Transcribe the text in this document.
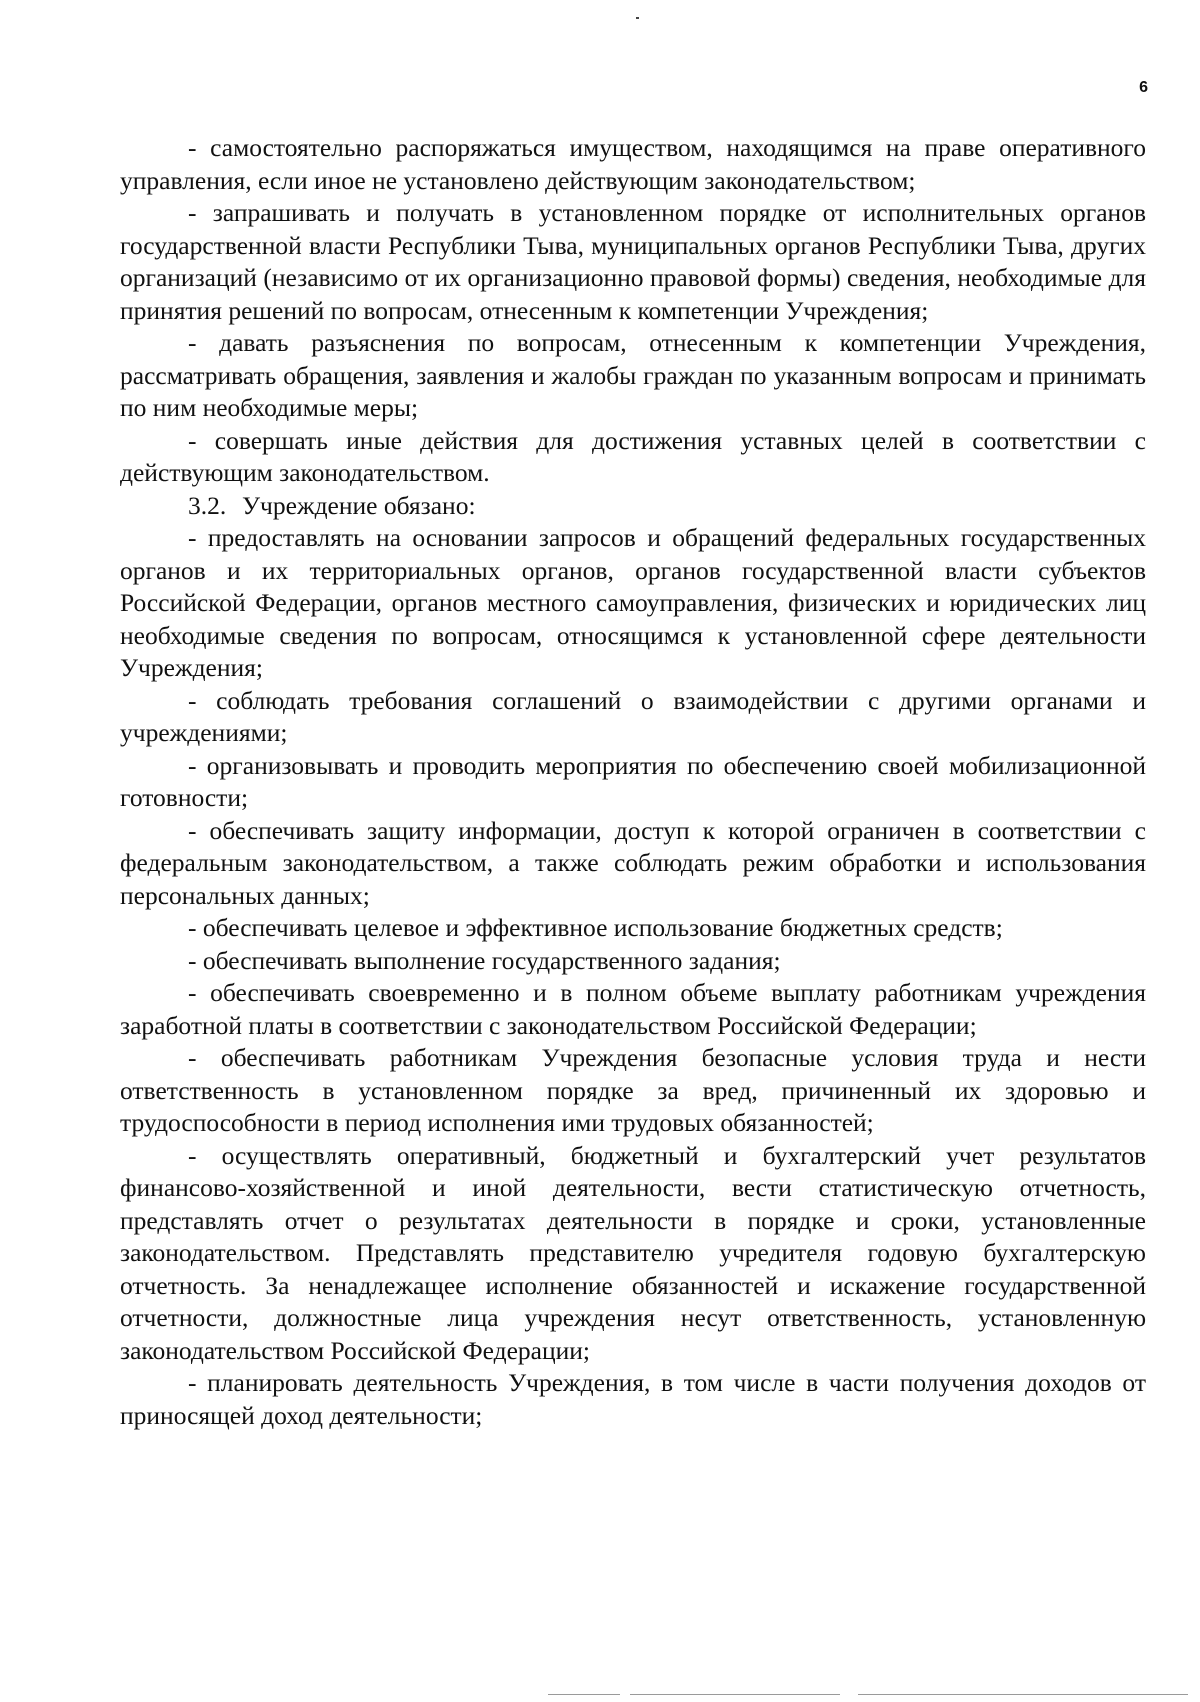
6

- самостоятельно распоряжаться имуществом, находящимся на праве оперативного управления, если иное не установлено действующим законодательством;

- запрашивать и получать в установленном порядке от исполнительных органов государственной власти Республики Тыва, муниципальных органов Республики Тыва, других организаций (независимо от их организационно правовой формы) сведения, необходимые для принятия решений по вопросам, отнесенным к компетенции Учреждения;

- давать разъяснения по вопросам, отнесенным к компетенции Учреждения, рассматривать обращения, заявления и жалобы граждан по указанным вопросам и принимать по ним необходимые меры;

- совершать иные действия для достижения уставных целей в соответствии с действующим законодательством.

3.2. Учреждение обязано:

- предоставлять на основании запросов и обращений федеральных государственных органов и их территориальных органов, органов государственной власти субъектов Российской Федерации, органов местного самоуправления, физических и юридических лиц необходимые сведения по вопросам, относящимся к установленной сфере деятельности Учреждения;

- соблюдать требования соглашений о взаимодействии с другими органами и учреждениями;

- организовывать и проводить мероприятия по обеспечению своей мобилизационной готовности;

- обеспечивать защиту информации, доступ к которой ограничен в соответствии с федеральным законодательством, а также соблюдать режим обработки и использования персональных данных;

- обеспечивать целевое и эффективное использование бюджетных средств;

- обеспечивать выполнение государственного задания;

- обеспечивать своевременно и в полном объеме выплату работникам учреждения заработной платы в соответствии с законодательством Российской Федерации;

- обеспечивать работникам Учреждения безопасные условия труда и нести ответственность в установленном порядке за вред, причиненный их здоровью и трудоспособности в период исполнения ими трудовых обязанностей;

- осуществлять оперативный, бюджетный и бухгалтерский учет результатов финансово-хозяйственной и иной деятельности, вести статистическую отчетность, представлять отчет о результатах деятельности в порядке и сроки, установленные законодательством. Представлять представителю учредителя годовую бухгалтерскую отчетность. За ненадлежащее исполнение обязанностей и искажение государственной отчетности, должностные лица учреждения несут ответственность, установленную законодательством Российской Федерации;

- планировать деятельность Учреждения, в том числе в части получения доходов от приносящей доход деятельности;
